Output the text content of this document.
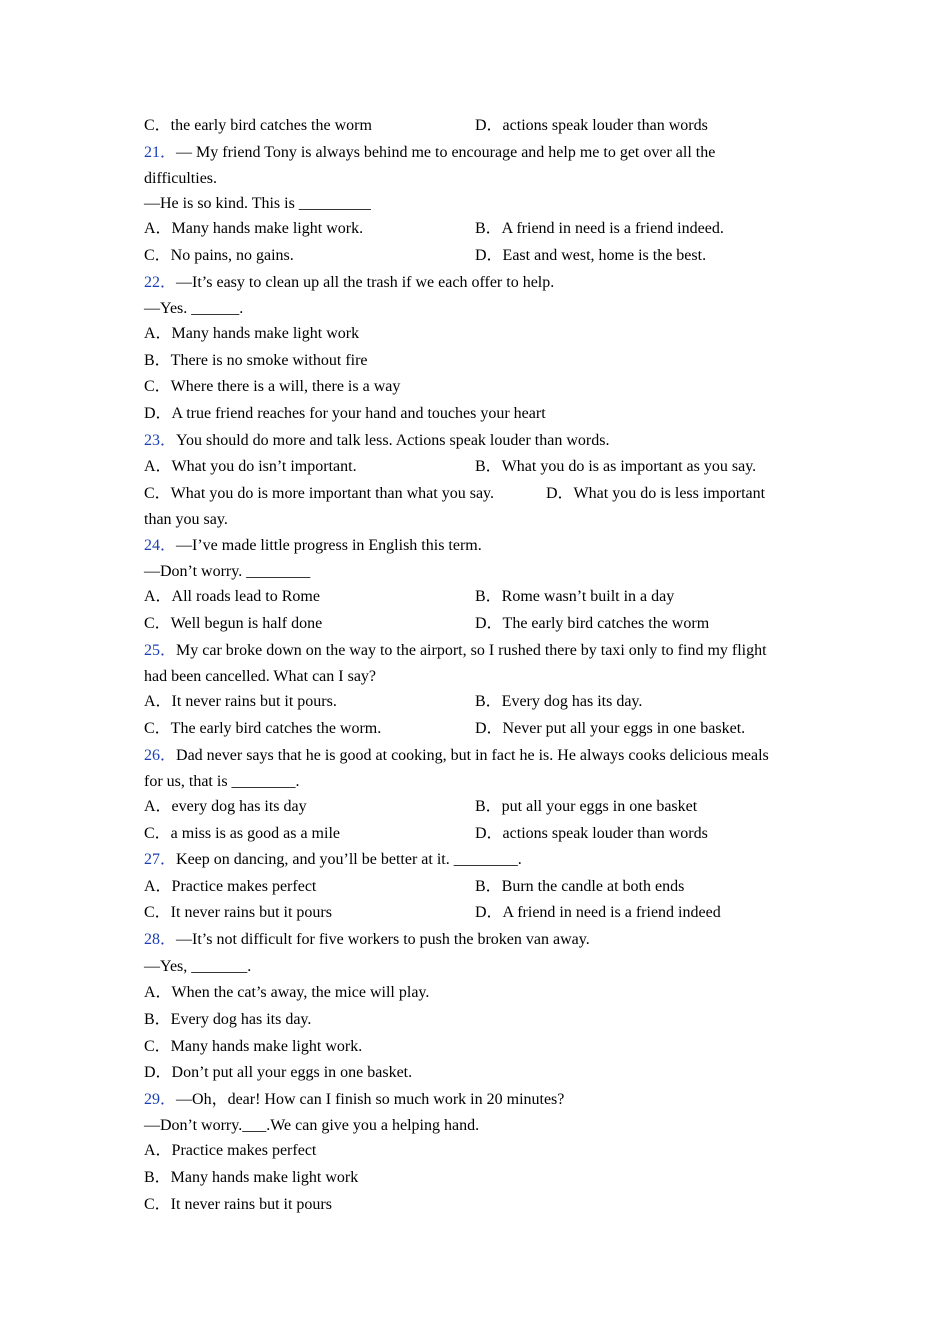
C．the early bird catches the worm	D．actions speak louder than words
21．— My friend Tony is always behind me to encourage and help me to get over all the
difficulties.
—He is so kind. This is _________
A．Many hands make light work.	B．A friend in need is a friend indeed.
C．No pains, no gains.	D．East and west, home is the best.
22．—It’s easy to clean up all the trash if we each offer to help.
—Yes. ______.
A．Many hands make light work
B．There is no smoke without fire
C．Where there is a will, there is a way
D．A true friend reaches for your hand and touches your heart
23．You should do more and talk less. Actions speak louder than words.
A．What you do isn’t important.	B．What you do is as important as you say.
C．What you do is more important than what you say.	D．What you do is less important
than you say.
24．—I’ve made little progress in English this term.
—Don’t worry. ________
A．All roads lead to Rome	B．Rome wasn’t built in a day
C．Well begun is half done	D．The early bird catches the worm
25．My car broke down on the way to the airport, so I rushed there by taxi only to find my flight
had been cancelled. What can I say?
A．It never rains but it pours.	B．Every dog has its day.
C．The early bird catches the worm.	D．Never put all your eggs in one basket.
26．Dad never says that he is good at cooking, but in fact he is. He always cooks delicious meals
for us, that is ________.
A．every dog has its day	B．put all your eggs in one basket
C．a miss is as good as a mile	D．actions speak louder than words
27．Keep on dancing, and you’ll be better at it. ________.
A．Practice makes perfect	B．Burn the candle at both ends
C．It never rains but it pours	D．A friend in need is a friend indeed
28．—It’s not difficult for five workers to push the broken van away.
—Yes, _______.
A．When the cat’s away, the mice will play.
B．Every dog has its day.
C．Many hands make light work.
D．Don’t put all your eggs in one basket.
29．—Oh，dear! How can I finish so much work in 20 minutes?
—Don’t worry.___.We can give you a helping hand.
A．Practice makes perfect
B．Many hands make light work
C．It never rains but it pours
